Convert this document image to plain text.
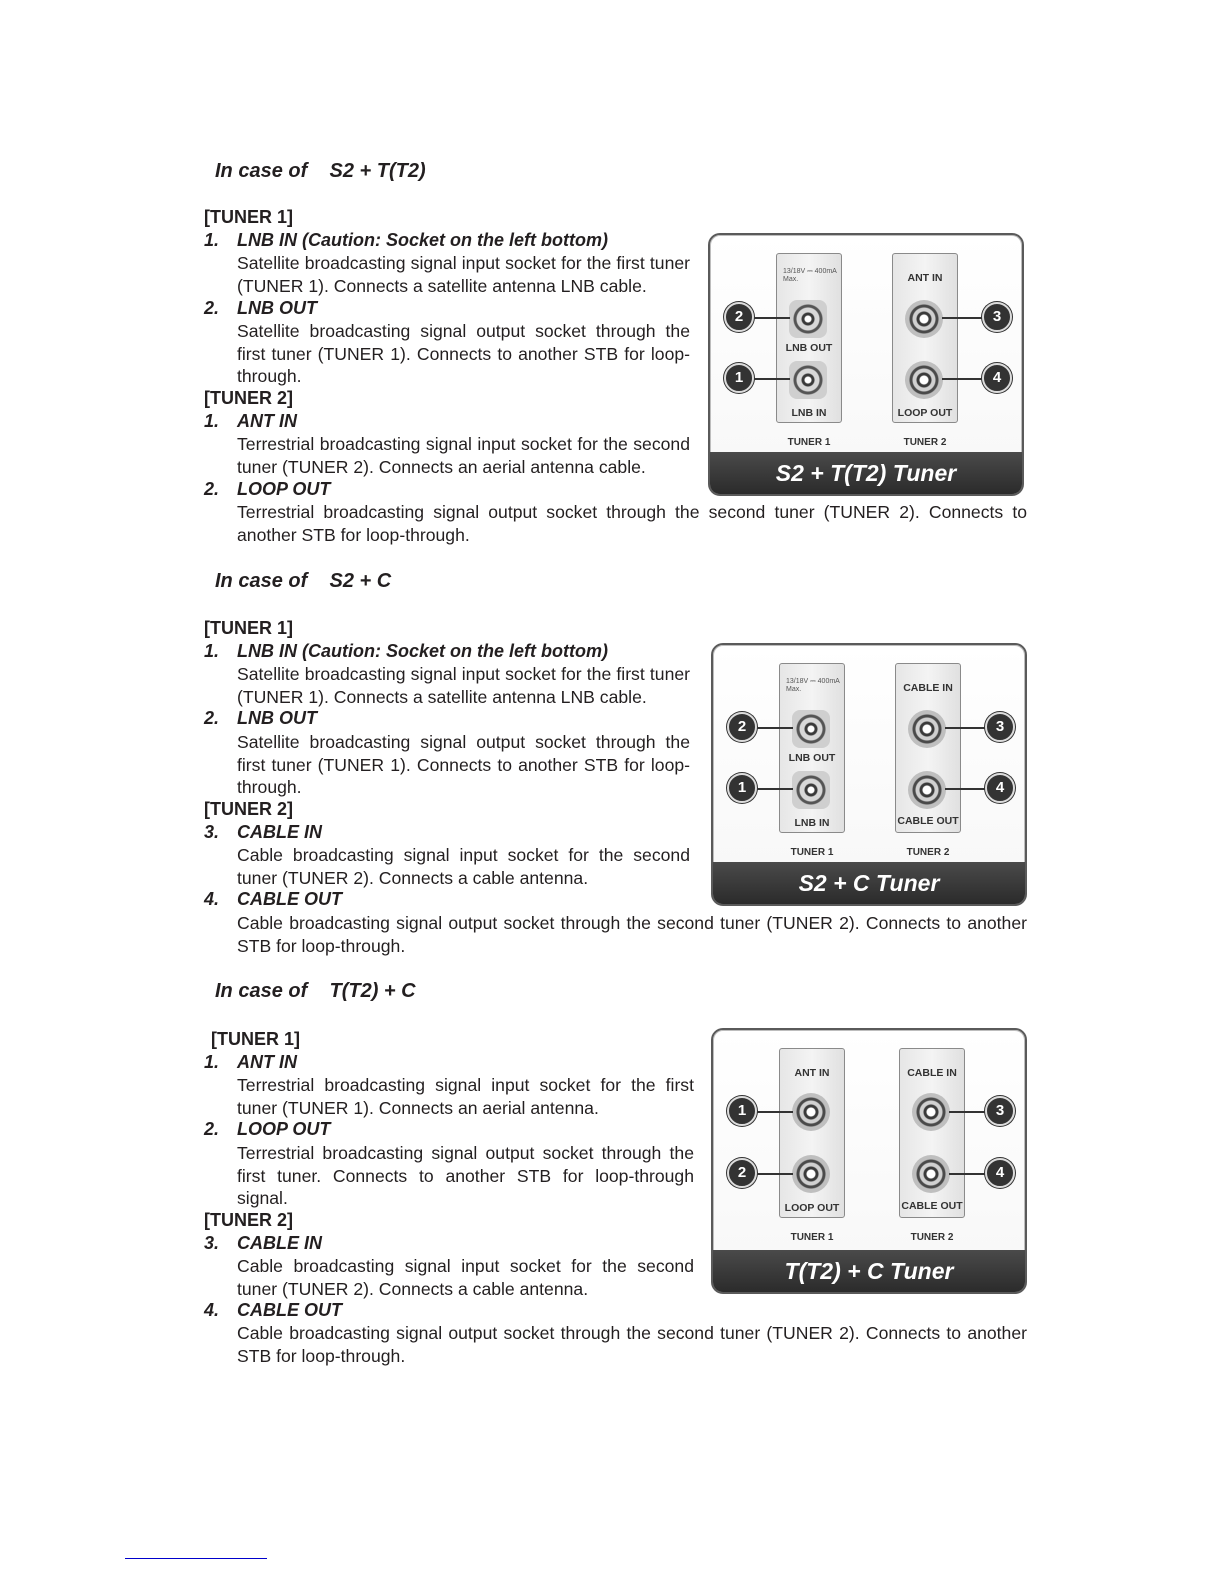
In case of S2 + T(T2)
[TUNER 1]
1. LNB IN (Caution: Socket on the left bottom)
Satellite broadcasting signal input socket for the first tuner (TUNER 1). Connects a satellite antenna LNB cable.
2. LNB OUT
Satellite broadcasting signal output socket through the first tuner (TUNER 1). Connects to another STB for loop-through.
[TUNER 2]
1. ANT IN
Terrestrial broadcasting signal input socket for the second tuner (TUNER 2). Connects an aerial antenna cable.
2. LOOP OUT
Terrestrial broadcasting signal output socket through the second tuner (TUNER 2). Connects to another STB for loop-through.
13/18V ⎓ 400mA Max.
LNB OUT
LNB IN
ANT IN
LOOP OUT
2
1
3
4
TUNER 1	TUNER 2
S2 + T(T2) Tuner
In case of S2 + C
[TUNER 1]
1. LNB IN (Caution: Socket on the left bottom)
Satellite broadcasting signal input socket for the first tuner (TUNER 1). Connects a satellite antenna LNB cable.
2. LNB OUT
Satellite broadcasting signal output socket through the first tuner (TUNER 1). Connects to another STB for loop-through.
[TUNER 2]
3. CABLE IN
Cable broadcasting signal input socket for the second tuner (TUNER 2). Connects a cable antenna.
4. CABLE OUT
Cable broadcasting signal output socket through the second tuner (TUNER 2). Connects to another STB for loop-through.
13/18V ⎓ 400mA Max.
LNB OUT
LNB IN
CABLE IN
CABLE OUT
2
1
3
4
TUNER 1	TUNER 2
S2 + C Tuner
In case of T(T2) + C
[TUNER 1]
1. ANT IN
Terrestrial broadcasting signal input socket for the first tuner (TUNER 1). Connects an aerial antenna.
2. LOOP OUT
Terrestrial broadcasting signal output socket through the first tuner. Connects to another STB for loop-through signal.
[TUNER 2]
3. CABLE IN
Cable broadcasting signal input socket for the second tuner (TUNER 2). Connects a cable antenna.
4. CABLE OUT
Cable broadcasting signal output socket through the second tuner (TUNER 2). Connects to another STB for loop-through.
ANT IN
LOOP OUT
CABLE IN
CABLE OUT
1
2
3
4
TUNER 1	TUNER 2
T(T2) + C Tuner
